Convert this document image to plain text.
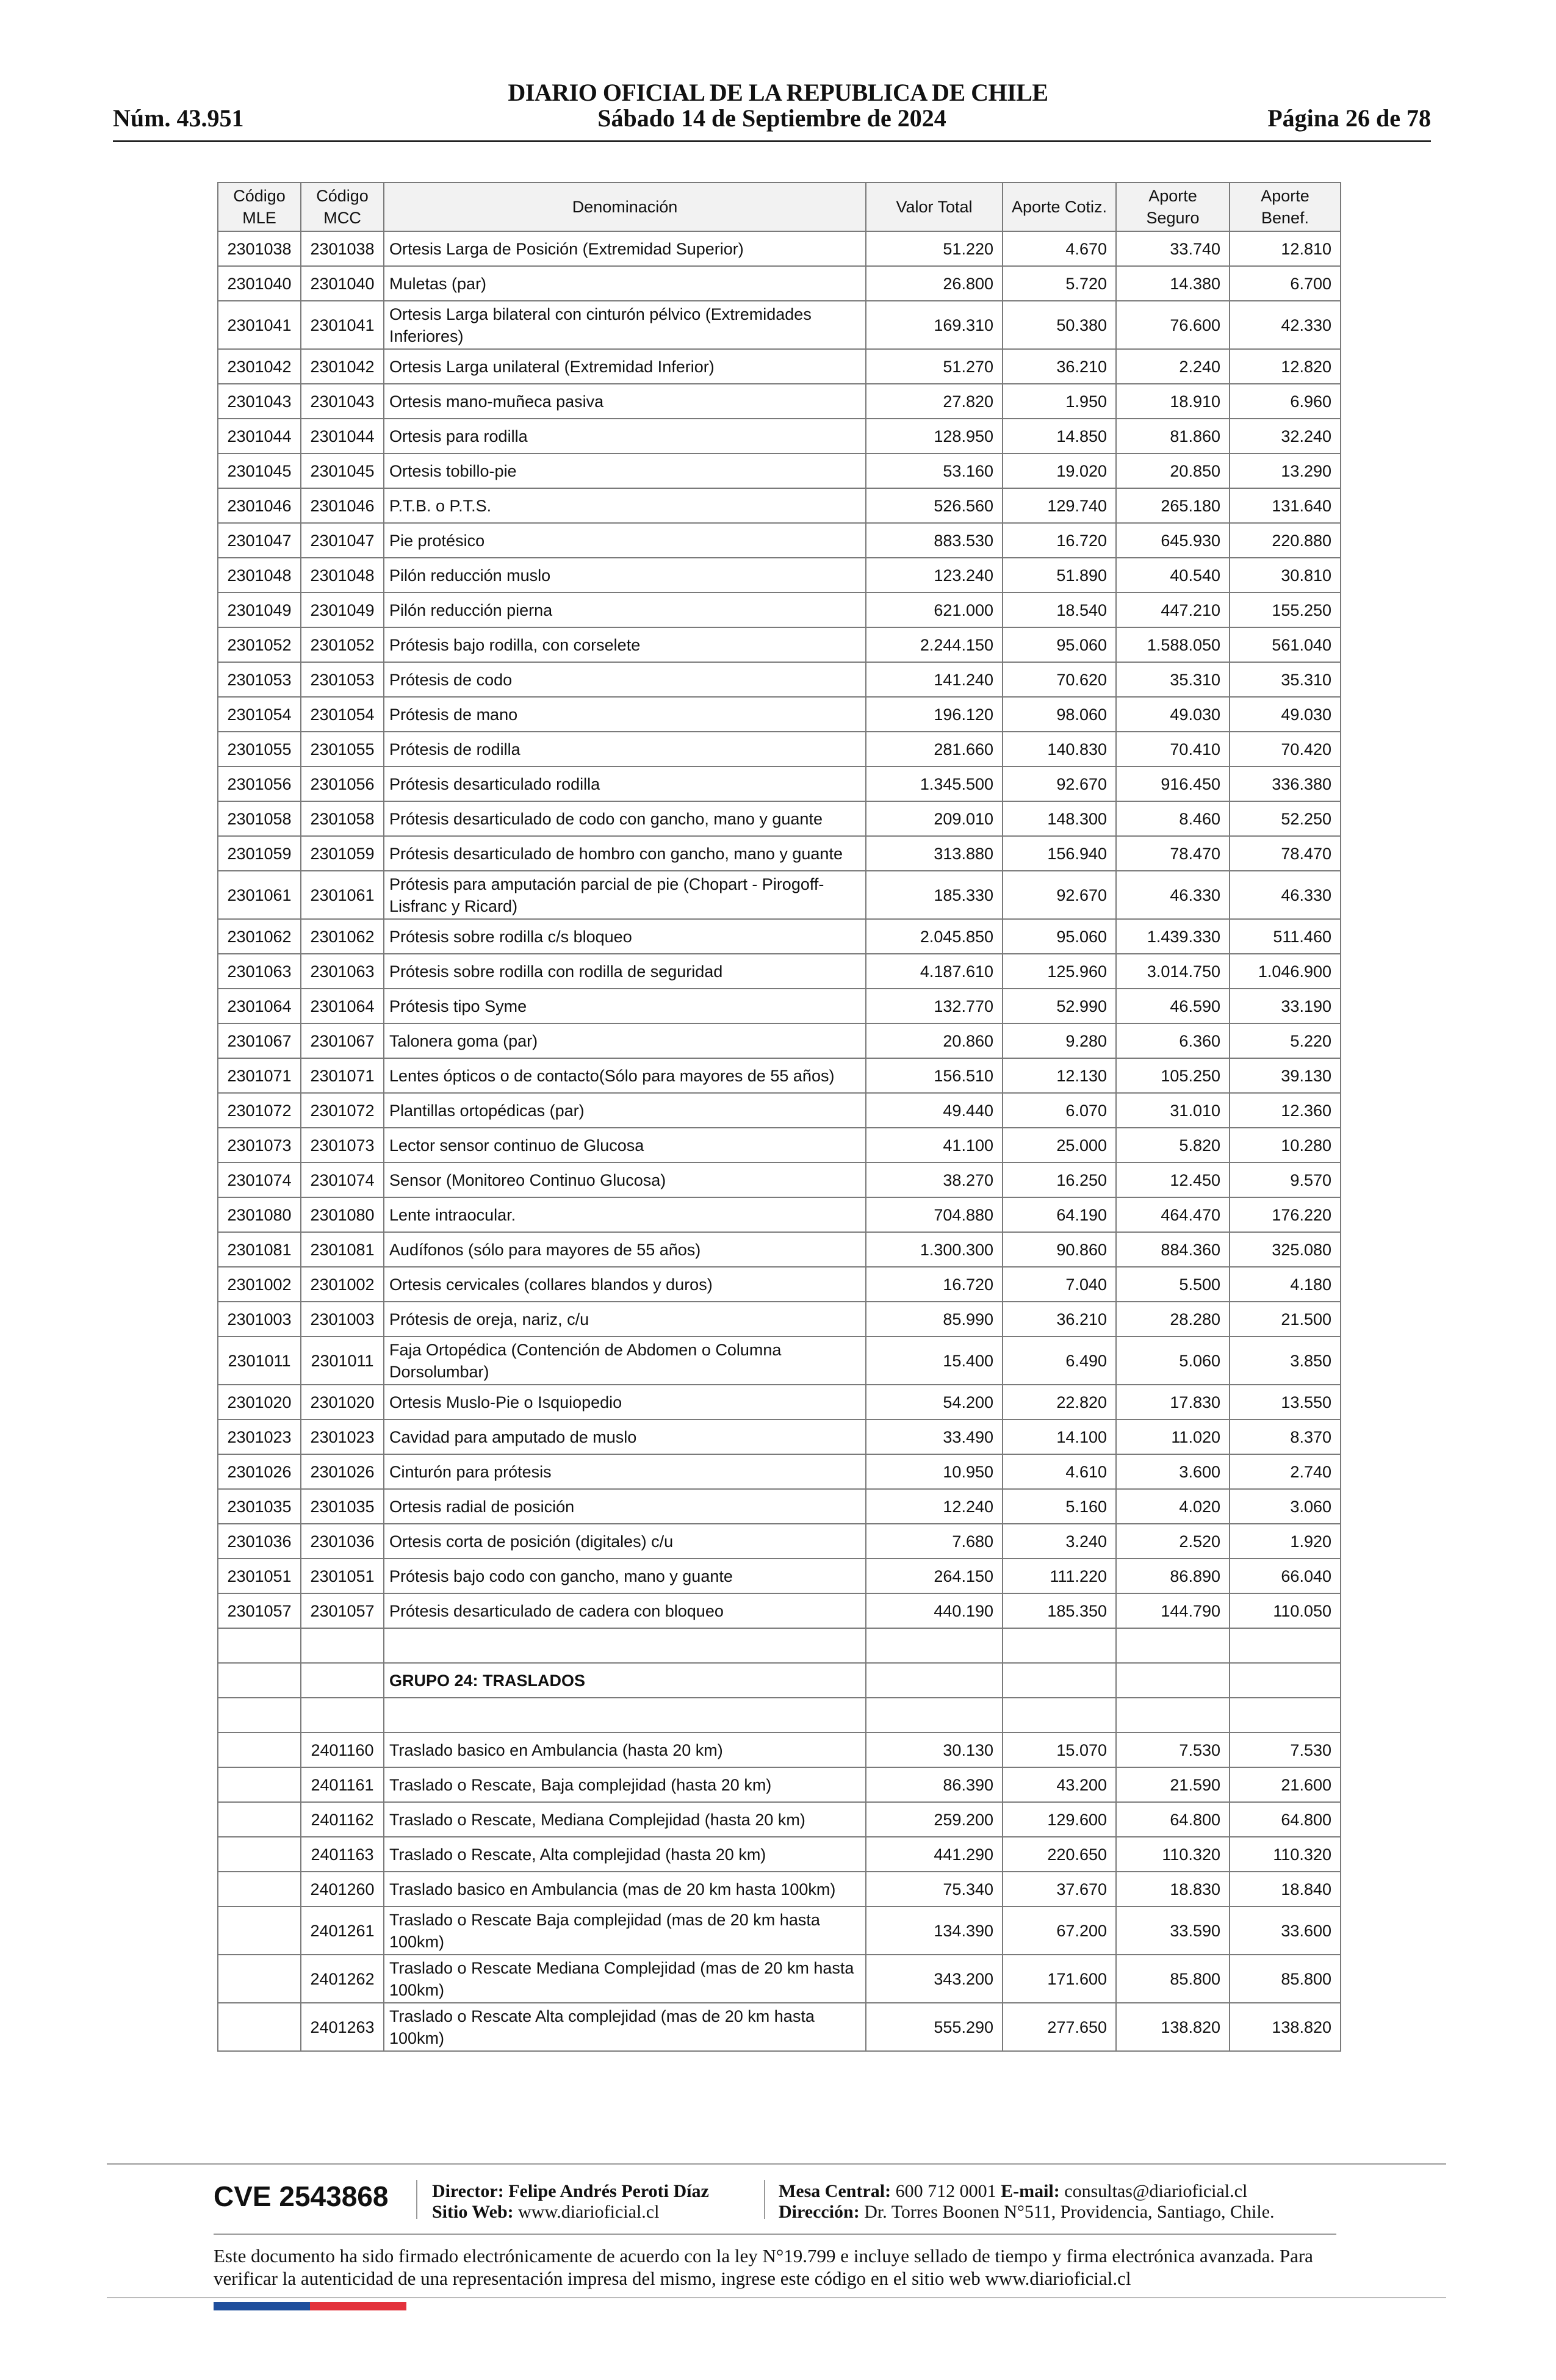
DIARIO OFICIAL DE LA REPUBLICA DE CHILE
Núm. 43.951	Sábado 14 de Septiembre de 2024	Página 26 de 78
Código MLE	Código MCC	Denominación	Valor Total	Aporte Cotiz.	Aporte Seguro	Aporte Benef.
2301038	2301038	Ortesis Larga de Posición (Extremidad Superior)	51.220	4.670	33.740	12.810
2301040	2301040	Muletas (par)	26.800	5.720	14.380	6.700
2301041	2301041	Ortesis Larga bilateral con cinturón pélvico (Extremidades Inferiores)	169.310	50.380	76.600	42.330
2301042	2301042	Ortesis Larga unilateral (Extremidad Inferior)	51.270	36.210	2.240	12.820
2301043	2301043	Ortesis mano-muñeca pasiva	27.820	1.950	18.910	6.960
2301044	2301044	Ortesis para rodilla	128.950	14.850	81.860	32.240
2301045	2301045	Ortesis tobillo-pie	53.160	19.020	20.850	13.290
2301046	2301046	P.T.B. o P.T.S.	526.560	129.740	265.180	131.640
2301047	2301047	Pie protésico	883.530	16.720	645.930	220.880
2301048	2301048	Pilón reducción muslo	123.240	51.890	40.540	30.810
2301049	2301049	Pilón reducción pierna	621.000	18.540	447.210	155.250
2301052	2301052	Prótesis bajo rodilla, con corselete	2.244.150	95.060	1.588.050	561.040
2301053	2301053	Prótesis de codo	141.240	70.620	35.310	35.310
2301054	2301054	Prótesis de mano	196.120	98.060	49.030	49.030
2301055	2301055	Prótesis de rodilla	281.660	140.830	70.410	70.420
2301056	2301056	Prótesis desarticulado rodilla	1.345.500	92.670	916.450	336.380
2301058	2301058	Prótesis desarticulado de codo con gancho, mano y guante	209.010	148.300	8.460	52.250
2301059	2301059	Prótesis desarticulado de hombro con gancho, mano y guante	313.880	156.940	78.470	78.470
2301061	2301061	Prótesis para amputación parcial de pie (Chopart - Pirogoff- Lisfranc y Ricard)	185.330	92.670	46.330	46.330
2301062	2301062	Prótesis sobre rodilla c/s bloqueo	2.045.850	95.060	1.439.330	511.460
2301063	2301063	Prótesis sobre rodilla con rodilla de seguridad	4.187.610	125.960	3.014.750	1.046.900
2301064	2301064	Prótesis tipo Syme	132.770	52.990	46.590	33.190
2301067	2301067	Talonera goma (par)	20.860	9.280	6.360	5.220
2301071	2301071	Lentes ópticos o de contacto(Sólo para mayores de 55 años)	156.510	12.130	105.250	39.130
2301072	2301072	Plantillas ortopédicas (par)	49.440	6.070	31.010	12.360
2301073	2301073	Lector sensor continuo de Glucosa	41.100	25.000	5.820	10.280
2301074	2301074	Sensor (Monitoreo Continuo Glucosa)	38.270	16.250	12.450	9.570
2301080	2301080	Lente intraocular.	704.880	64.190	464.470	176.220
2301081	2301081	Audífonos (sólo para mayores de 55 años)	1.300.300	90.860	884.360	325.080
2301002	2301002	Ortesis cervicales (collares blandos y duros)	16.720	7.040	5.500	4.180
2301003	2301003	Prótesis de oreja, nariz, c/u	85.990	36.210	28.280	21.500
2301011	2301011	Faja Ortopédica (Contención de Abdomen o Columna Dorsolumbar)	15.400	6.490	5.060	3.850
2301020	2301020	Ortesis Muslo-Pie o Isquiopedio	54.200	22.820	17.830	13.550
2301023	2301023	Cavidad para amputado de muslo	33.490	14.100	11.020	8.370
2301026	2301026	Cinturón para prótesis	10.950	4.610	3.600	2.740
2301035	2301035	Ortesis radial de posición	12.240	5.160	4.020	3.060
2301036	2301036	Ortesis corta de posición (digitales) c/u	7.680	3.240	2.520	1.920
2301051	2301051	Prótesis bajo codo con gancho, mano y guante	264.150	111.220	86.890	66.040
2301057	2301057	Prótesis desarticulado de cadera con bloqueo	440.190	185.350	144.790	110.050

		GRUPO 24: TRASLADOS				

	2401160	Traslado basico en Ambulancia (hasta 20 km)	30.130	15.070	7.530	7.530
	2401161	Traslado o Rescate, Baja complejidad (hasta 20 km)	86.390	43.200	21.590	21.600
	2401162	Traslado o Rescate, Mediana Complejidad (hasta 20 km)	259.200	129.600	64.800	64.800
	2401163	Traslado o Rescate, Alta complejidad (hasta 20 km)	441.290	220.650	110.320	110.320
	2401260	Traslado basico en Ambulancia (mas de 20 km hasta 100km)	75.340	37.670	18.830	18.840
	2401261	Traslado o Rescate Baja complejidad (mas de 20 km hasta 100km)	134.390	67.200	33.590	33.600
	2401262	Traslado o Rescate Mediana Complejidad (mas de 20 km hasta 100km)	343.200	171.600	85.800	85.800
	2401263	Traslado o Rescate Alta complejidad (mas de 20 km hasta 100km)	555.290	277.650	138.820	138.820
CVE 2543868 Director: Felipe Andrés Peroti Díaz
Sitio Web: www.diarioficial.cl
Mesa Central: 600 712 0001 E-mail: consultas@diarioficial.cl
Dirección: Dr. Torres Boonen N°511, Providencia, Santiago, Chile.
Este documento ha sido firmado electrónicamente de acuerdo con la ley N°19.799 e incluye sellado de tiempo y firma electrónica avanzada. Para verificar la autenticidad de una representación impresa del mismo, ingrese este código en el sitio web www.diarioficial.cl
